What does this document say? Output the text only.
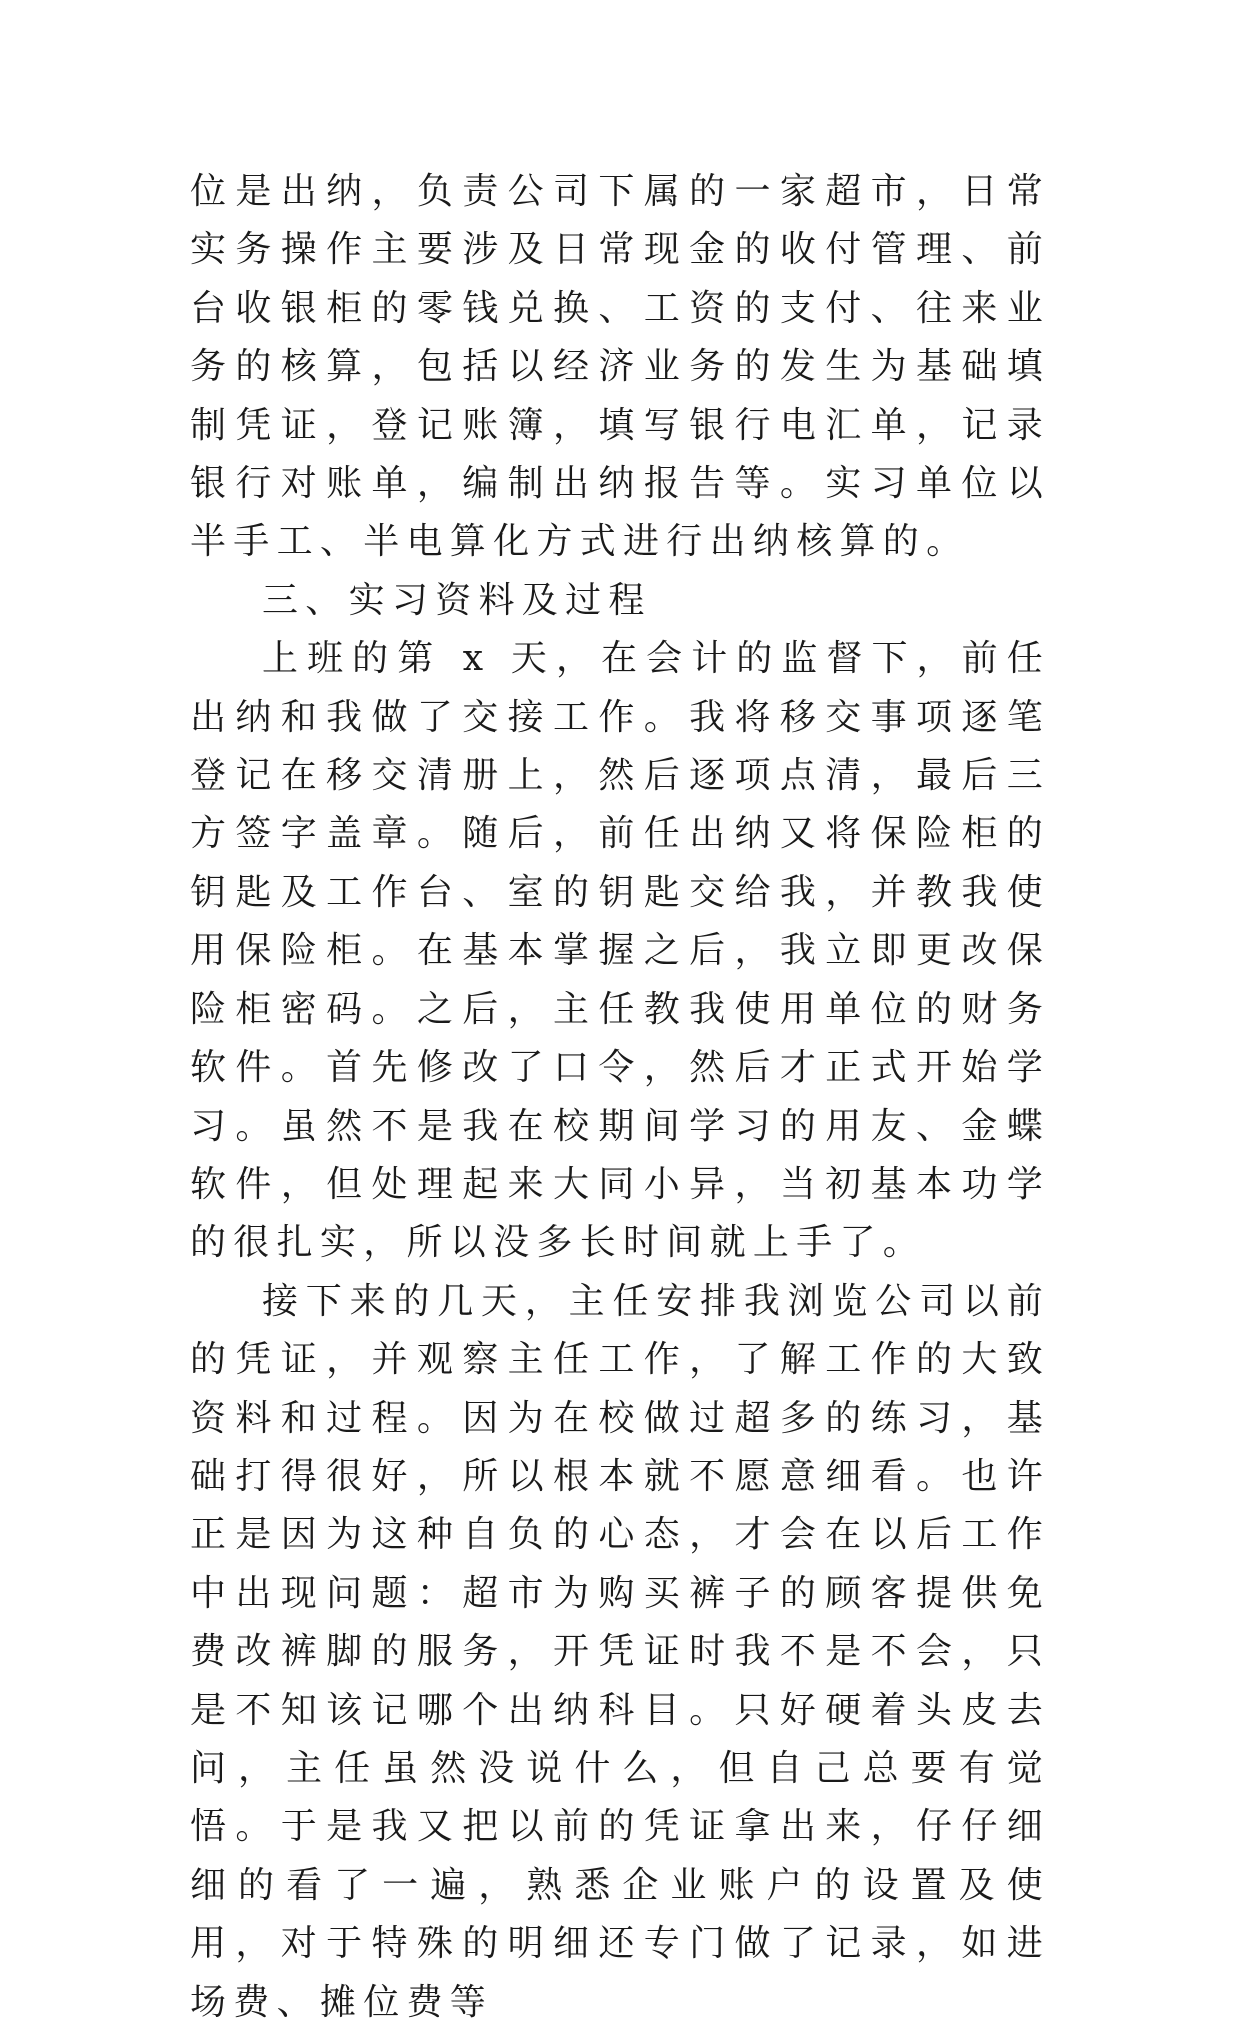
位是出纳，负责公司下属的一家超市，日常实务操作主要涉及日常现金的收付管理、前台收银柜的零钱兑换、工资的支付、往来业务的核算，包括以经济业务的发生为基础填制凭证，登记账簿，填写银行电汇单，记录银行对账单，编制出纳报告等。实习单位以半手工、半电算化方式进行出纳核算的。

三、实习资料及过程

上班的第 x 天，在会计的监督下，前任出纳和我做了交接工作。我将移交事项逐笔登记在移交清册上，然后逐项点清，最后三方签字盖章。随后，前任出纳又将保险柜的钥匙及工作台、室的钥匙交给我，并教我使用保险柜。在基本掌握之后，我立即更改保险柜密码。之后，主任教我使用单位的财务软件。首先修改了口令，然后才正式开始学习。虽然不是我在校期间学习的用友、金蝶软件，但处理起来大同小异，当初基本功学的很扎实，所以没多长时间就上手了。

接下来的几天，主任安排我浏览公司以前的凭证，并观察主任工作，了解工作的大致资料和过程。因为在校做过超多的练习，基础打得很好，所以根本就不愿意细看。也许正是因为这种自负的心态，才会在以后工作中出现问题：超市为购买裤子的顾客提供免费改裤脚的服务，开凭证时我不是不会，只是不知该记哪个出纳科目。只好硬着头皮去问，主任虽然没说什么，但自己总要有觉悟。于是我又把以前的凭证拿出来，仔仔细细的看了一遍，熟悉企业账户的设置及使用，对于特殊的明细还专门做了记录，如进场费、摊位费等
